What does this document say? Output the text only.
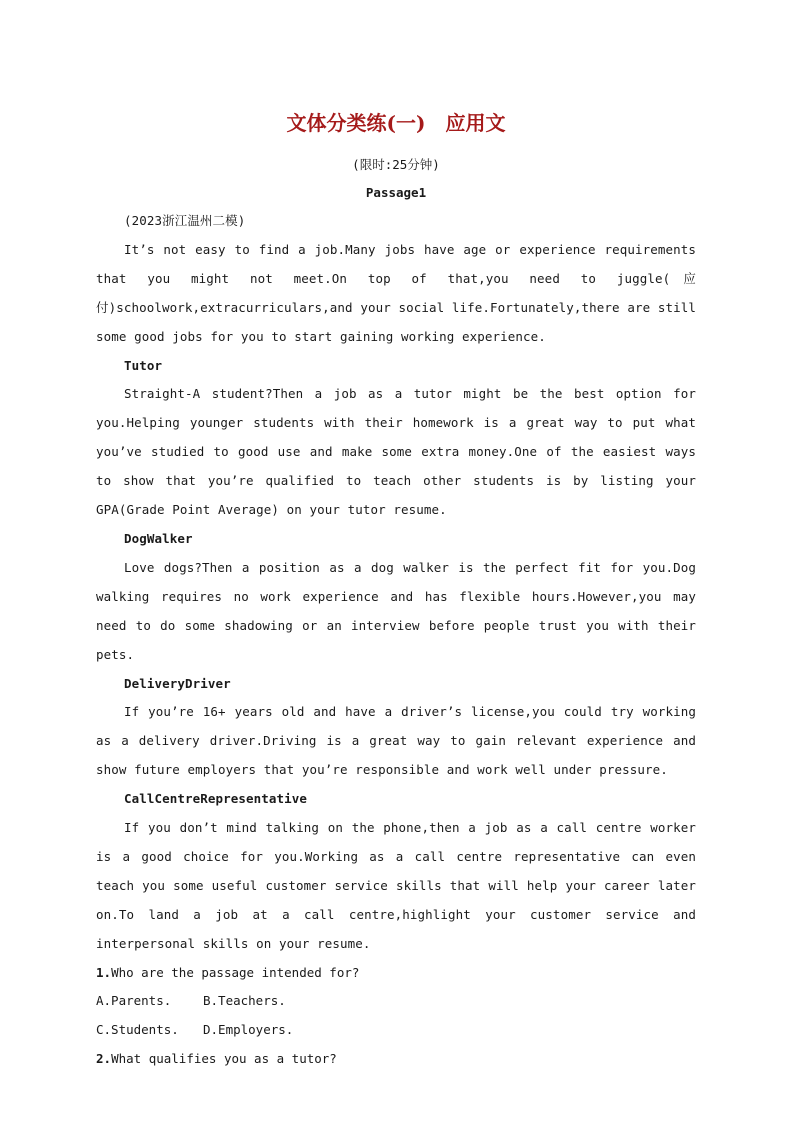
文体分类练(一)　应用文
(限时:25分钟)
Passage1

(2023浙江温州二模)

It’s not easy to find a job.Many jobs have age or experience requirements that you might not meet.On top of that,you need to juggle(应付)schoolwork,extracurriculars,and your social life.Fortunately,there are still some good jobs for you to start gaining working experience.

Tutor

Straight-A student?Then a job as a tutor might be the best option for you.Helping younger students with their homework is a great way to put what you’ve studied to good use and make some extra money.One of the easiest ways to show that you’re qualified to teach other students is by listing your GPA(Grade Point Average) on your tutor resume.

DogWalker

Love dogs?Then a position as a dog walker is the perfect fit for you.Dog walking requires no work experience and has flexible hours.However,you may need to do some shadowing or an interview before people trust you with their pets.

DeliveryDriver

If you’re 16+ years old and have a driver’s license,you could try working as a delivery driver.Driving is a great way to gain relevant experience and show future employers that you’re responsible and work well under pressure.

CallCentreRepresentative

If you don’t mind talking on the phone,then a job as a call centre worker is a good choice for you.Working as a call centre representative can even teach you some useful customer service skills that will help your career later on.To land a job at a call centre,highlight your customer service and interpersonal skills on your resume.

1.Who are the passage intended for?
A.Parents.	B.Teachers.
C.Students.	D.Employers.
2.What qualifies you as a tutor?
